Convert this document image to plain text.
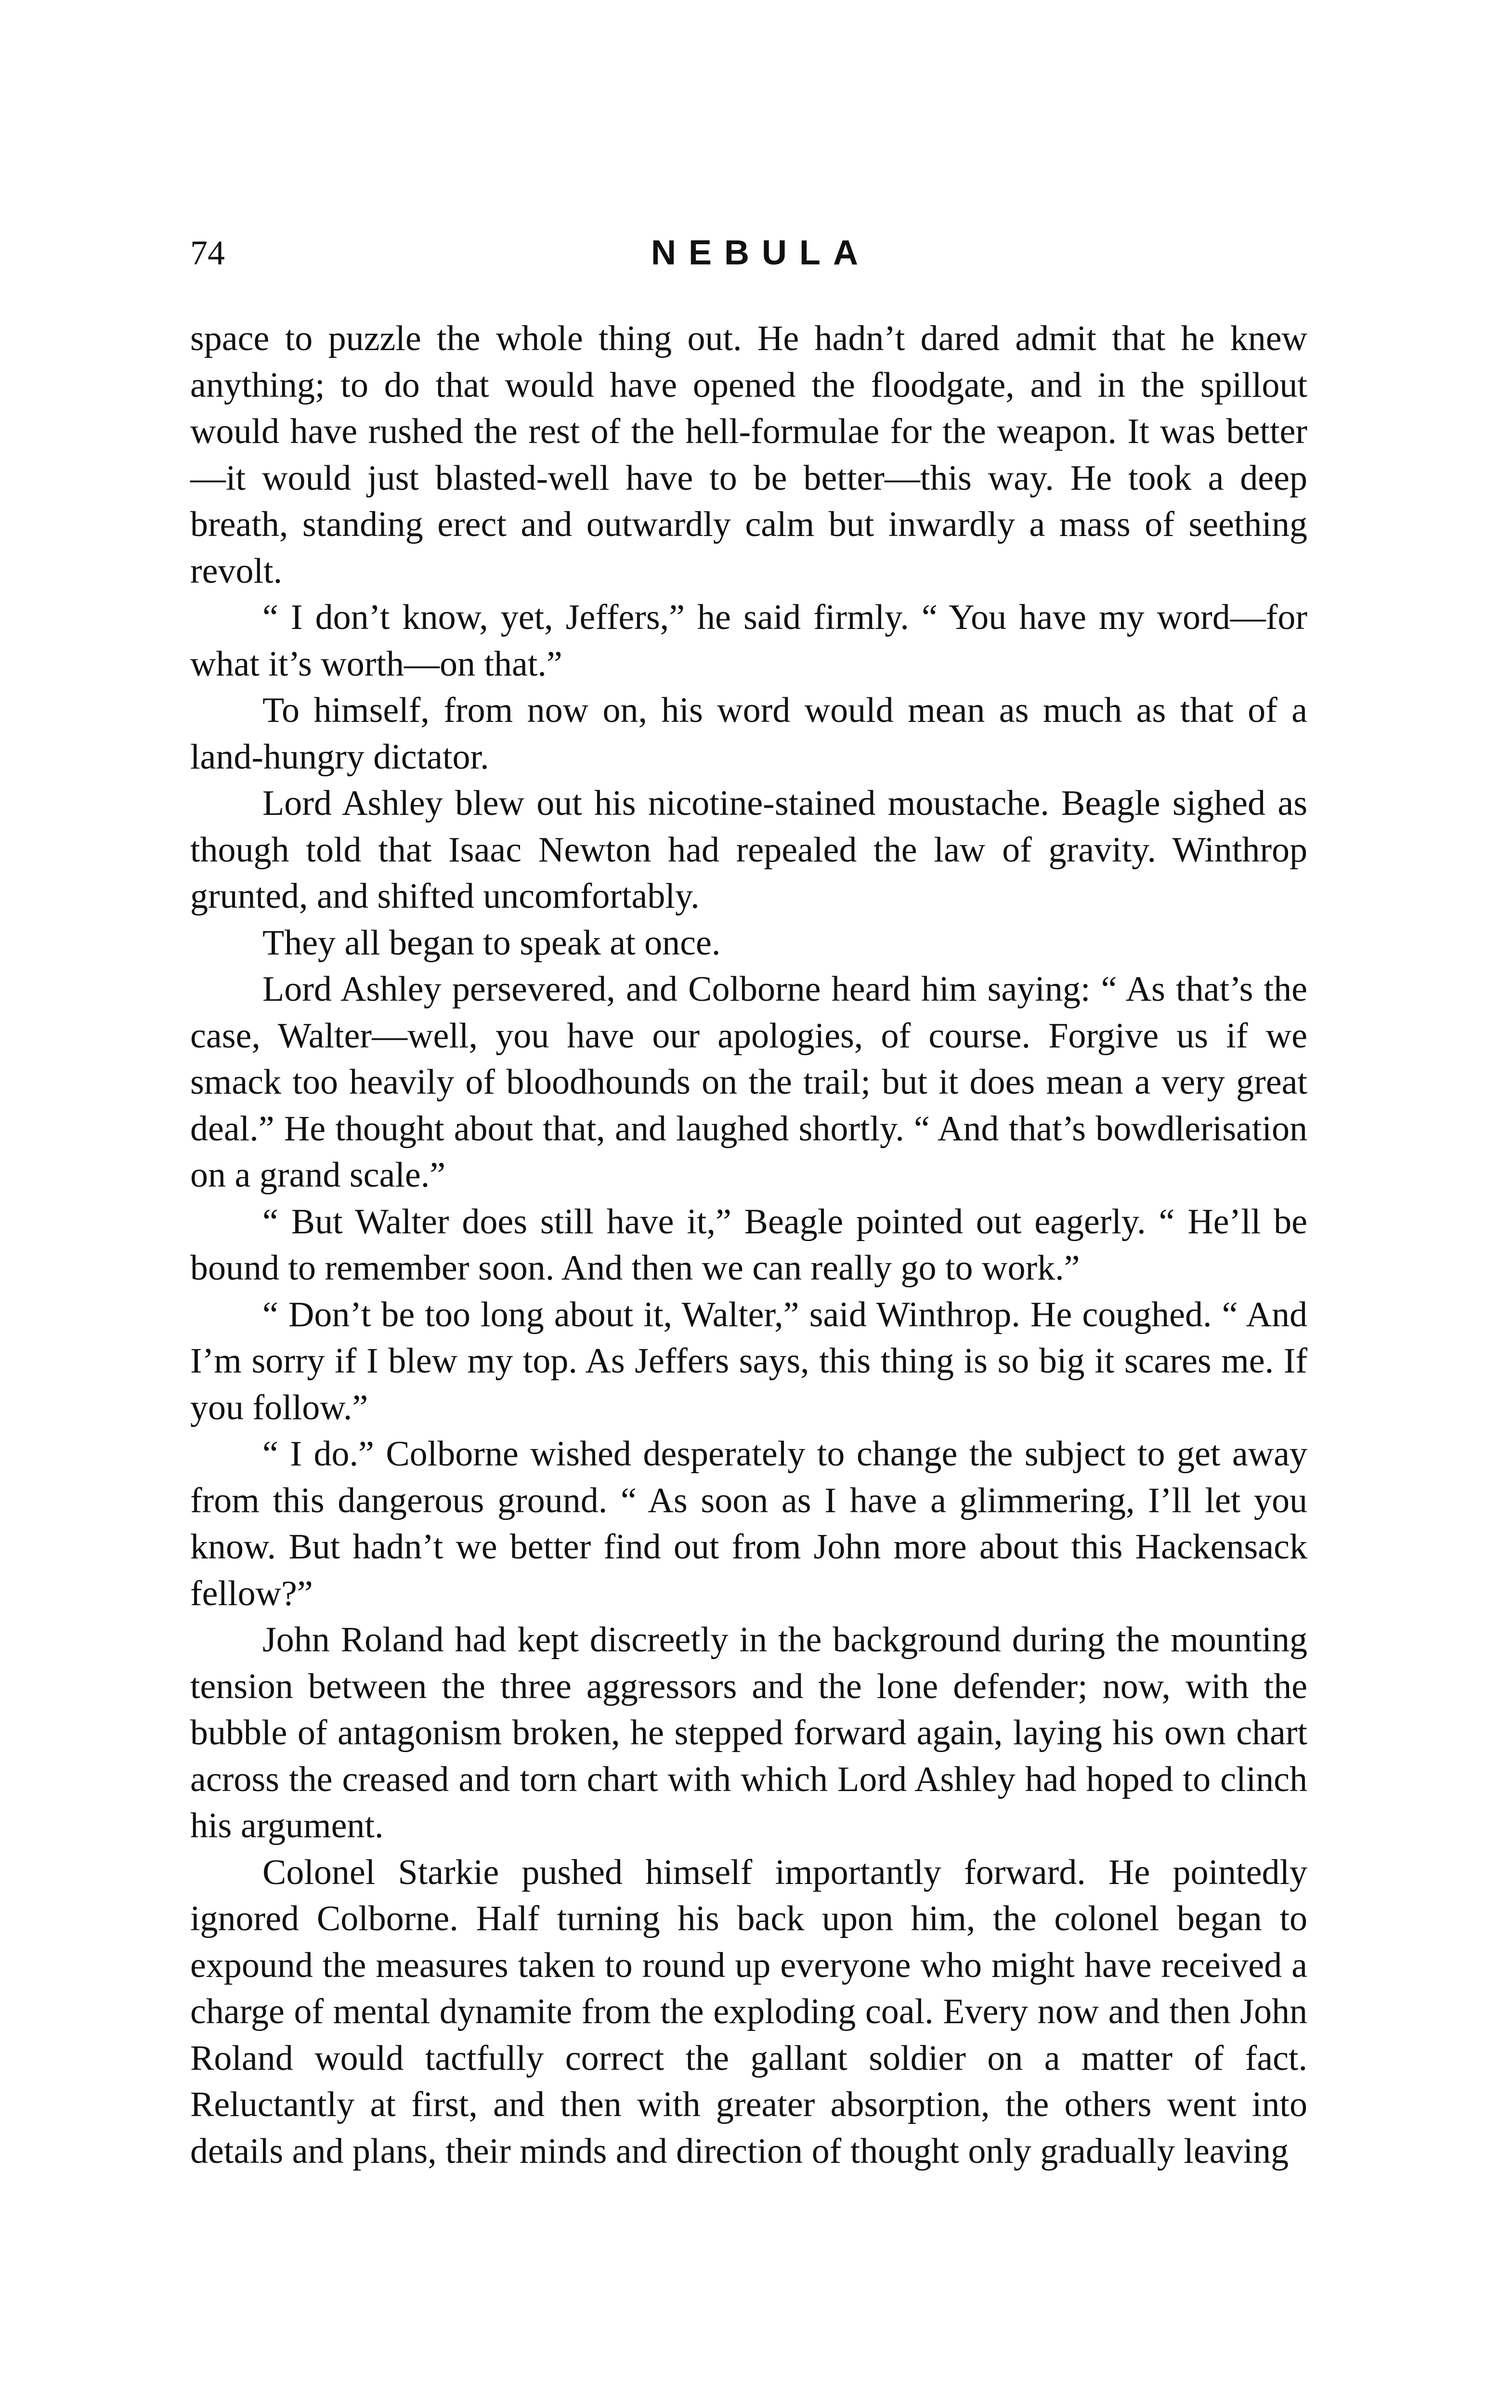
74	NEBULA

space to puzzle the whole thing out. He hadn’t dared admit that he knew anything; to do that would have opened the floodgate, and in the spillout would have rushed the rest of the hell-formulae for the weapon. It was better—it would just blasted-well have to be better—this way. He took a deep breath, standing erect and outwardly calm but inwardly a mass of seething revolt.

“ I don’t know, yet, Jeffers,” he said firmly. “ You have my word—for what it’s worth—on that.”

To himself, from now on, his word would mean as much as that of a land-hungry dictator.

Lord Ashley blew out his nicotine-stained moustache. Beagle sighed as though told that Isaac Newton had repealed the law of gravity. Winthrop grunted, and shifted uncomfortably.

They all began to speak at once.

Lord Ashley persevered, and Colborne heard him saying: “ As that’s the case, Walter—well, you have our apologies, of course. Forgive us if we smack too heavily of bloodhounds on the trail; but it does mean a very great deal.” He thought about that, and laughed shortly. “ And that’s bowdlerisation on a grand scale.”

“ But Walter does still have it,” Beagle pointed out eagerly. “ He’ll be bound to remember soon. And then we can really go to work.”

“ Don’t be too long about it, Walter,” said Winthrop. He coughed. “ And I’m sorry if I blew my top. As Jeffers says, this thing is so big it scares me. If you follow.”

“ I do.” Colborne wished desperately to change the subject to get away from this dangerous ground. “ As soon as I have a glimmering, I’ll let you know. But hadn’t we better find out from John more about this Hackensack fellow?”

John Roland had kept discreetly in the background during the mounting tension between the three aggressors and the lone defender; now, with the bubble of antagonism broken, he stepped forward again, laying his own chart across the creased and torn chart with which Lord Ashley had hoped to clinch his argument.

Colonel Starkie pushed himself importantly forward. He pointedly ignored Colborne. Half turning his back upon him, the colonel began to expound the measures taken to round up everyone who might have received a charge of mental dynamite from the exploding coal. Every now and then John Roland would tactfully correct the gallant soldier on a matter of fact. Reluctantly at first, and then with greater absorption, the others went into details and plans, their minds and direction of thought only gradually leaving
